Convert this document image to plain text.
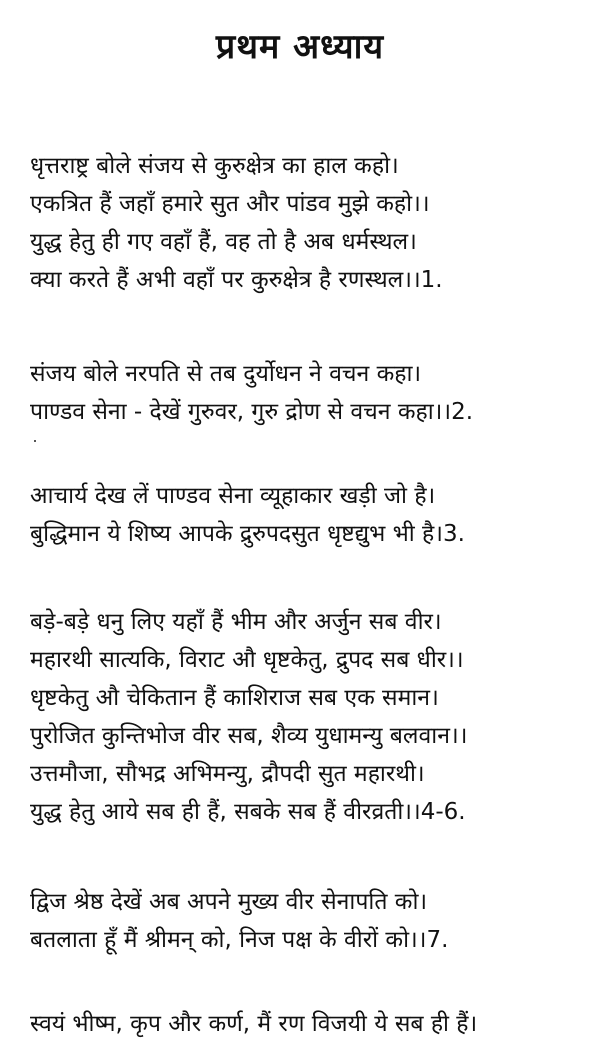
प्रथम अध्याय
धृत्तराष्ट्र बोले संजय से कुरुक्षेत्र का हाल कहो।
एकत्रित हैं जहाँ हमारे सुत और पांडव मुझे कहो।।
युद्ध हेतु ही गए वहाँ हैं, वह तो है अब धर्मस्थल।
क्या करते हैं अभी वहाँ पर कुरुक्षेत्र है रणस्थल।।1.
संजय बोले नरपति से तब दुर्योधन ने वचन कहा।
पाण्डव सेना - देखें गुरुवर, गुरु द्रोण से वचन कहा।।2.
आचार्य देख लें पाण्डव सेना व्यूहाकार खड़ी जो है।
बुद्धिमान ये शिष्य आपके द्रुरुपदसुत धृष्टद्युभ भी है।3.
बड़े-बड़े धनु लिए यहाँ हैं भीम और अर्जुन सब वीर।
महारथी सात्यकि, विराट औ धृष्टकेतु, द्रुपद सब धीर।।
धृष्टकेतु औ चेकितान हैं काशिराज सब एक समान।
पुरोजित कुन्तिभोज वीर सब, शैव्य युधामन्यु बलवान।।
उत्तमौजा, सौभद्र अभिमन्यु, द्रौपदी सुत महारथी।
युद्ध हेतु आये सब ही हैं, सबके सब हैं वीरव्रती।।4-6.
द्विज श्रेष्ठ देखें अब अपने मुख्य वीर सेनापति को।
बतलाता हूँ मैं श्रीमन् को, निज पक्ष के वीरों को।।7.
स्वयं भीष्म, कृप और कर्ण, मैं रण विजयी ये सब ही हैं।
